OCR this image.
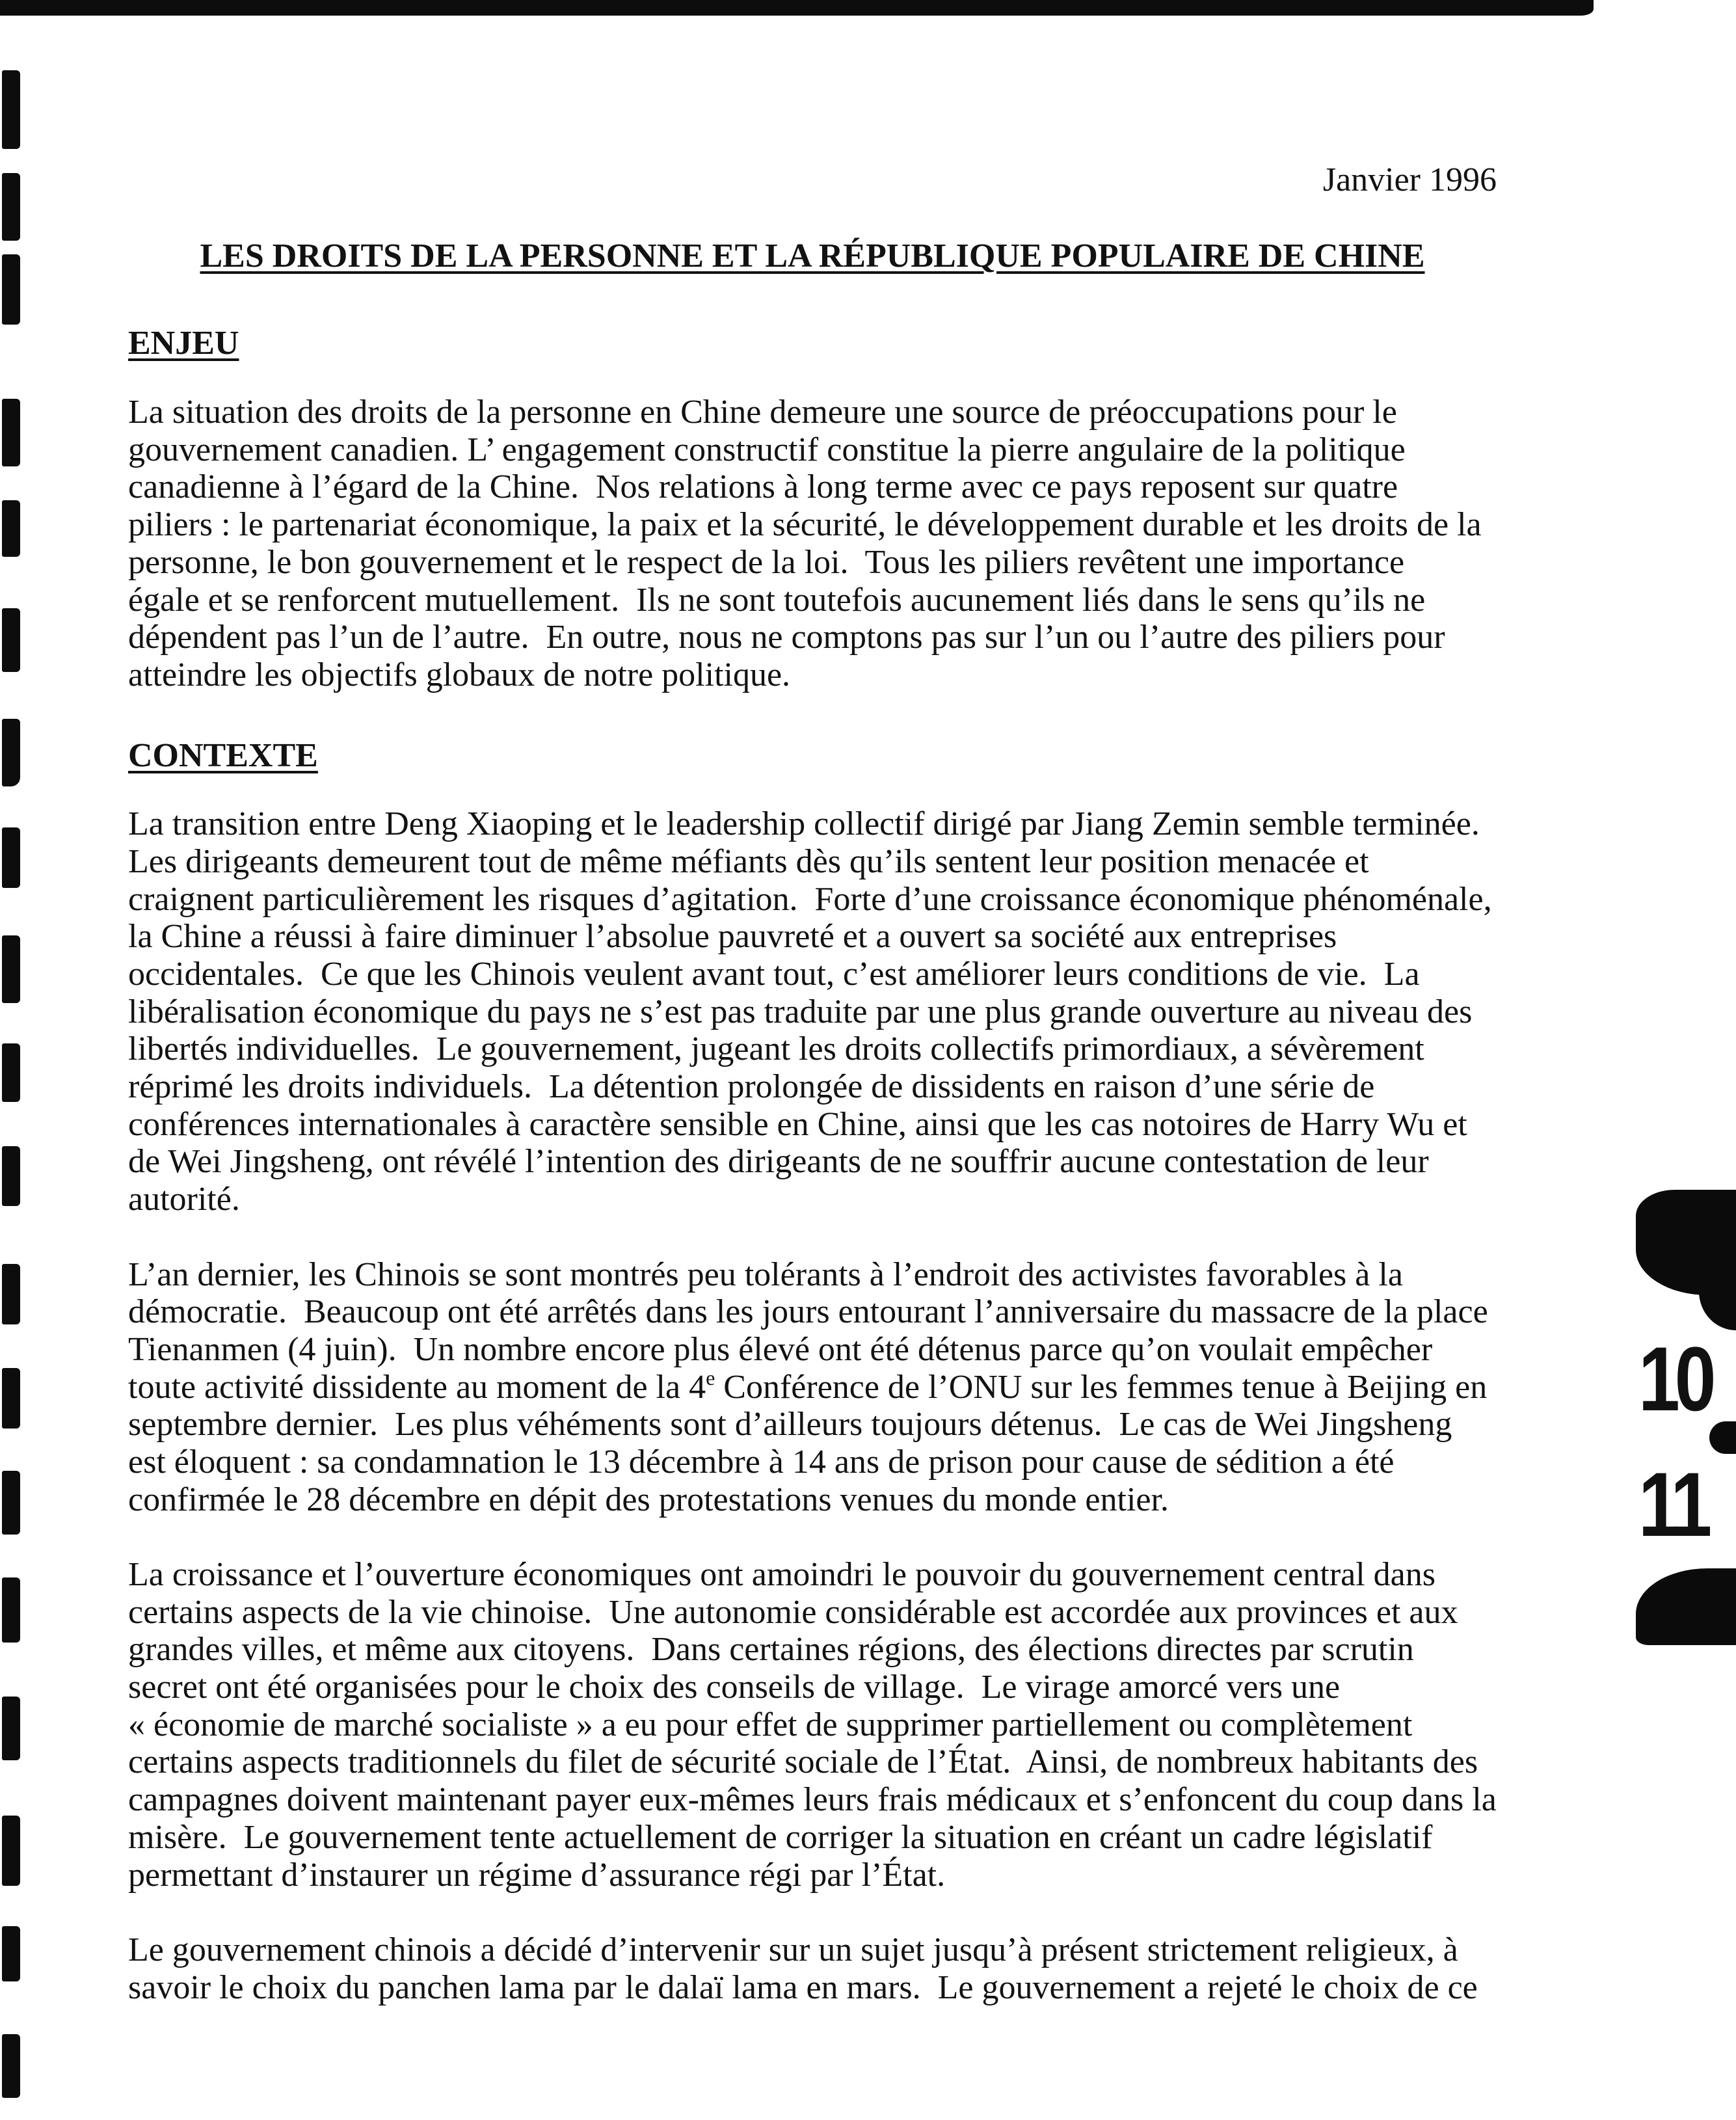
10
11
Janvier 1996
LES DROITS DE LA PERSONNE ET LA RÉPUBLIQUE POPULAIRE DE CHINE
ENJEU
La situation des droits de la personne en Chine demeure une source de préoccupations pour le
gouvernement canadien. L’ engagement constructif constitue la pierre angulaire de la politique
canadienne à l’égard de la Chine.  Nos relations à long terme avec ce pays reposent sur quatre
piliers : le partenariat économique, la paix et la sécurité, le développement durable et les droits de la
personne, le bon gouvernement et le respect de la loi.  Tous les piliers revêtent une importance
égale et se renforcent mutuellement.  Ils ne sont toutefois aucunement liés dans le sens qu’ils ne
dépendent pas l’un de l’autre.  En outre, nous ne comptons pas sur l’un ou l’autre des piliers pour
atteindre les objectifs globaux de notre politique.
CONTEXTE
La transition entre Deng Xiaoping et le leadership collectif dirigé par Jiang Zemin semble terminée.
Les dirigeants demeurent tout de même méfiants dès qu’ils sentent leur position menacée et
craignent particulièrement les risques d’agitation.  Forte d’une croissance économique phénoménale,
la Chine a réussi à faire diminuer l’absolue pauvreté et a ouvert sa société aux entreprises
occidentales.  Ce que les Chinois veulent avant tout, c’est améliorer leurs conditions de vie.  La
libéralisation économique du pays ne s’est pas traduite par une plus grande ouverture au niveau des
libertés individuelles.  Le gouvernement, jugeant les droits collectifs primordiaux, a sévèrement
réprimé les droits individuels.  La détention prolongée de dissidents en raison d’une série de
conférences internationales à caractère sensible en Chine, ainsi que les cas notoires de Harry Wu et
de Wei Jingsheng, ont révélé l’intention des dirigeants de ne souffrir aucune contestation de leur
autorité.
L’an dernier, les Chinois se sont montrés peu tolérants à l’endroit des activistes favorables à la
démocratie.  Beaucoup ont été arrêtés dans les jours entourant l’anniversaire du massacre de la place
Tienanmen (4 juin).  Un nombre encore plus élevé ont été détenus parce qu’on voulait empêcher
toute activité dissidente au moment de la 4e Conférence de l’ONU sur les femmes tenue à Beijing en
septembre dernier.  Les plus véhéments sont d’ailleurs toujours détenus.  Le cas de Wei Jingsheng
est éloquent : sa condamnation le 13 décembre à 14 ans de prison pour cause de sédition a été
confirmée le 28 décembre en dépit des protestations venues du monde entier.
La croissance et l’ouverture économiques ont amoindri le pouvoir du gouvernement central dans
certains aspects de la vie chinoise.  Une autonomie considérable est accordée aux provinces et aux
grandes villes, et même aux citoyens.  Dans certaines régions, des élections directes par scrutin
secret ont été organisées pour le choix des conseils de village.  Le virage amorcé vers une
« économie de marché socialiste » a eu pour effet de supprimer partiellement ou complètement
certains aspects traditionnels du filet de sécurité sociale de l’État.  Ainsi, de nombreux habitants des
campagnes doivent maintenant payer eux-mêmes leurs frais médicaux et s’enfoncent du coup dans la
misère.  Le gouvernement tente actuellement de corriger la situation en créant un cadre législatif
permettant d’instaurer un régime d’assurance régi par l’État.
Le gouvernement chinois a décidé d’intervenir sur un sujet jusqu’à présent strictement religieux, à
savoir le choix du panchen lama par le dalaï lama en mars.  Le gouvernement a rejeté le choix de ce
